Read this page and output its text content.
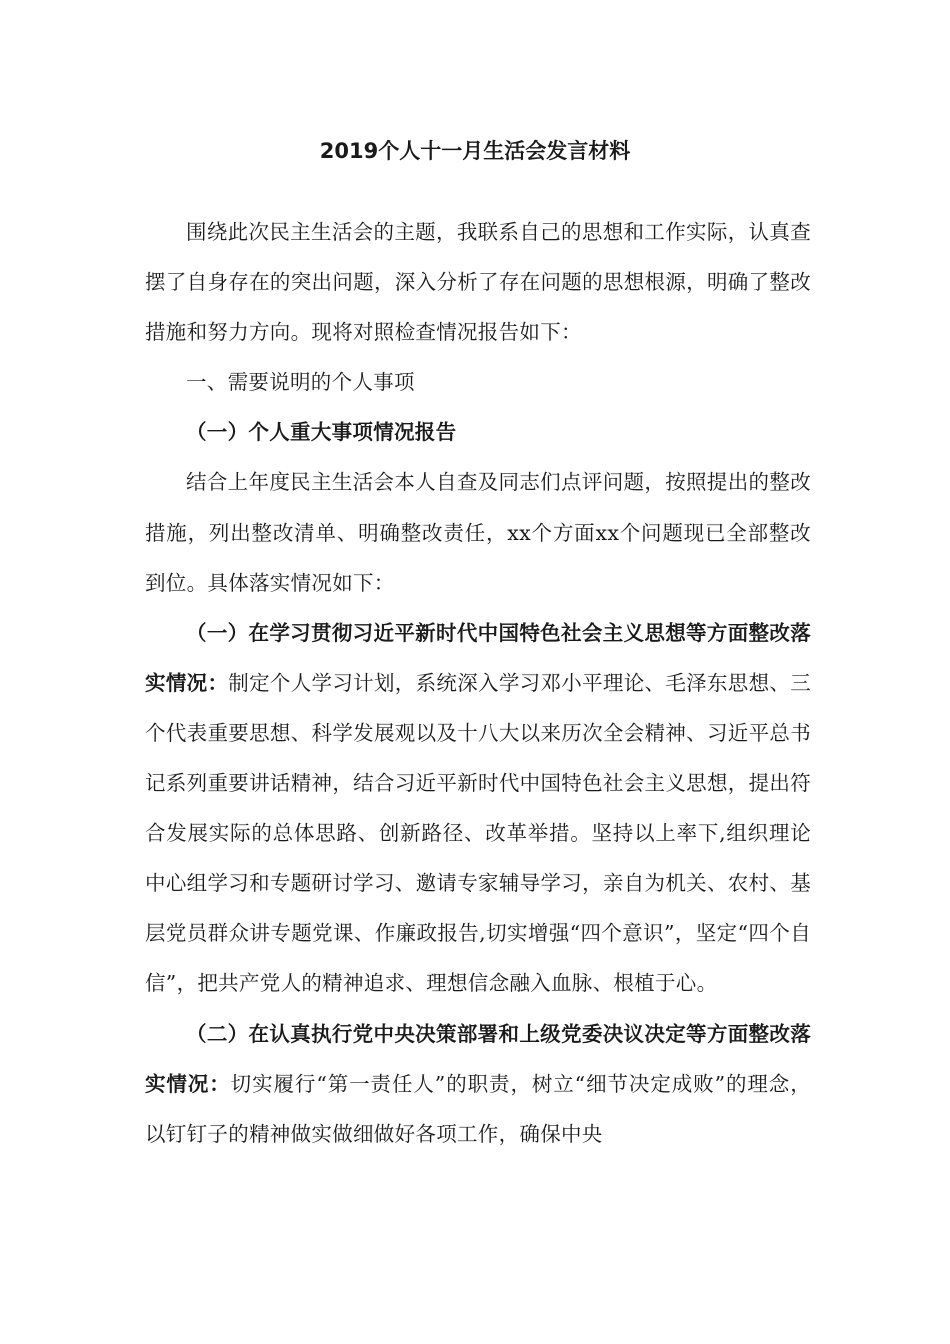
2019个人十一月生活会发言材料

围绕此次民主生活会的主题，我联系自己的思想和工作实际，认真查摆了自身存在的突出问题，深入分析了存在问题的思想根源，明确了整改措施和努力方向。现将对照检查情况报告如下：

一、需要说明的个人事项

（一）个人重大事项情况报告

结合上年度民主生活会本人自查及同志们点评问题，按照提出的整改措施，列出整改清单、明确整改责任，xx个方面xx个问题现已全部整改到位。具体落实情况如下：

（一）在学习贯彻习近平新时代中国特色社会主义思想等方面整改落实情况：制定个人学习计划，系统深入学习邓小平理论、毛泽东思想、三个代表重要思想、科学发展观以及十八大以来历次全会精神、习近平总书记系列重要讲话精神，结合习近平新时代中国特色社会主义思想，提出符合发展实际的总体思路、创新路径、改革举措。坚持以上率下,组织理论中心组学习和专题研讨学习、邀请专家辅导学习，亲自为机关、农村、基层党员群众讲专题党课、作廉政报告,切实增强“四个意识”，坚定“四个自信”，把共产党人的精神追求、理想信念融入血脉、根植于心。

（二）在认真执行党中央决策部署和上级党委决议决定等方面整改落实情况：切实履行“第一责任人”的职责，树立“细节决定成败”的理念，以钉钉子的精神做实做细做好各项工作，确保中央
